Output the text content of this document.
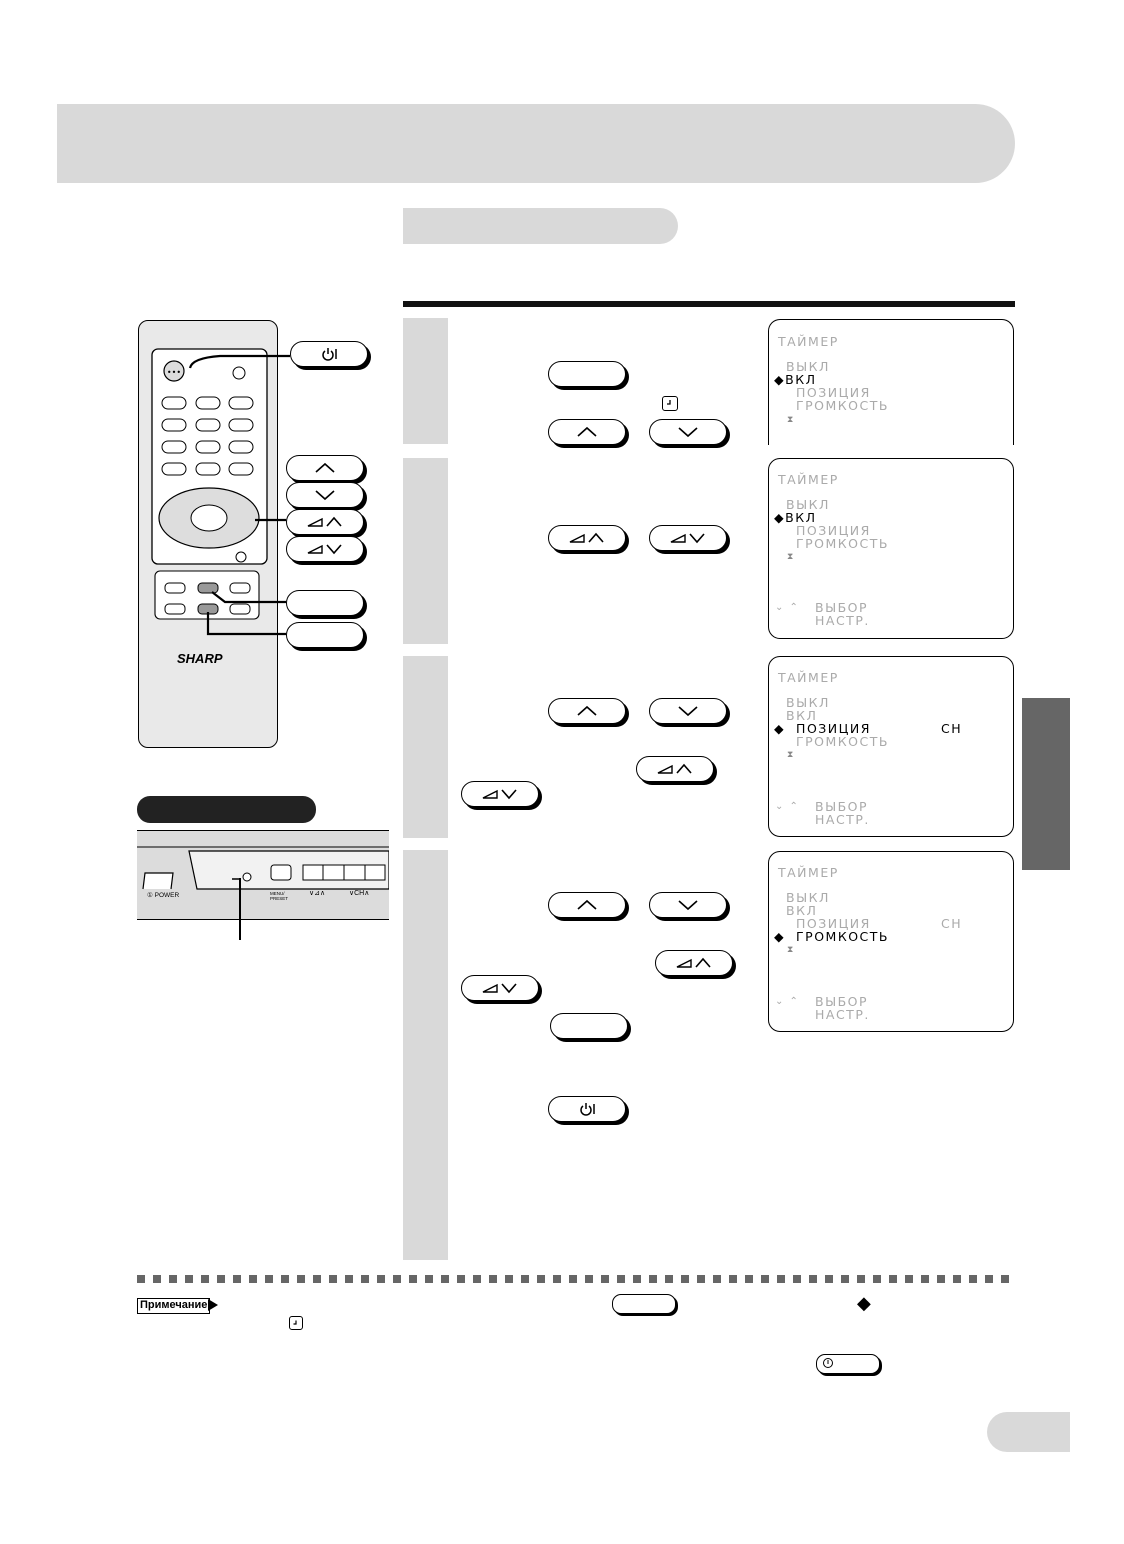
ТАЙМЕР
ВЫКЛ
◆ВКЛ
ПОЗИЦИЯ
ГРОМКОСТЬ
⧗
ТАЙМЕР
ВЫКЛ
◆ВКЛ
ПОЗИЦИЯ
ГРОМКОСТЬ
⧗
ВЫБОР
НАСТР.
⌄ ⌃
ТАЙМЕР
ВЫКЛ
ВКЛ
◆  ПОЗИЦИЯ	CH
ГРОМКОСТЬ
⧗
ВЫБОР
НАСТР.
⌄ ⌃
ТАЙМЕР
ВЫКЛ
ВКЛ
ПОЗИЦИЯ	CH
◆  ГРОМКОСТЬ
⧗
ВЫБОР
НАСТР.
⌄ ⌃
•••
SHARP
① POWER	MENU/
PRESET
∨⊿∧	∨CH∧
Примечание	◆
